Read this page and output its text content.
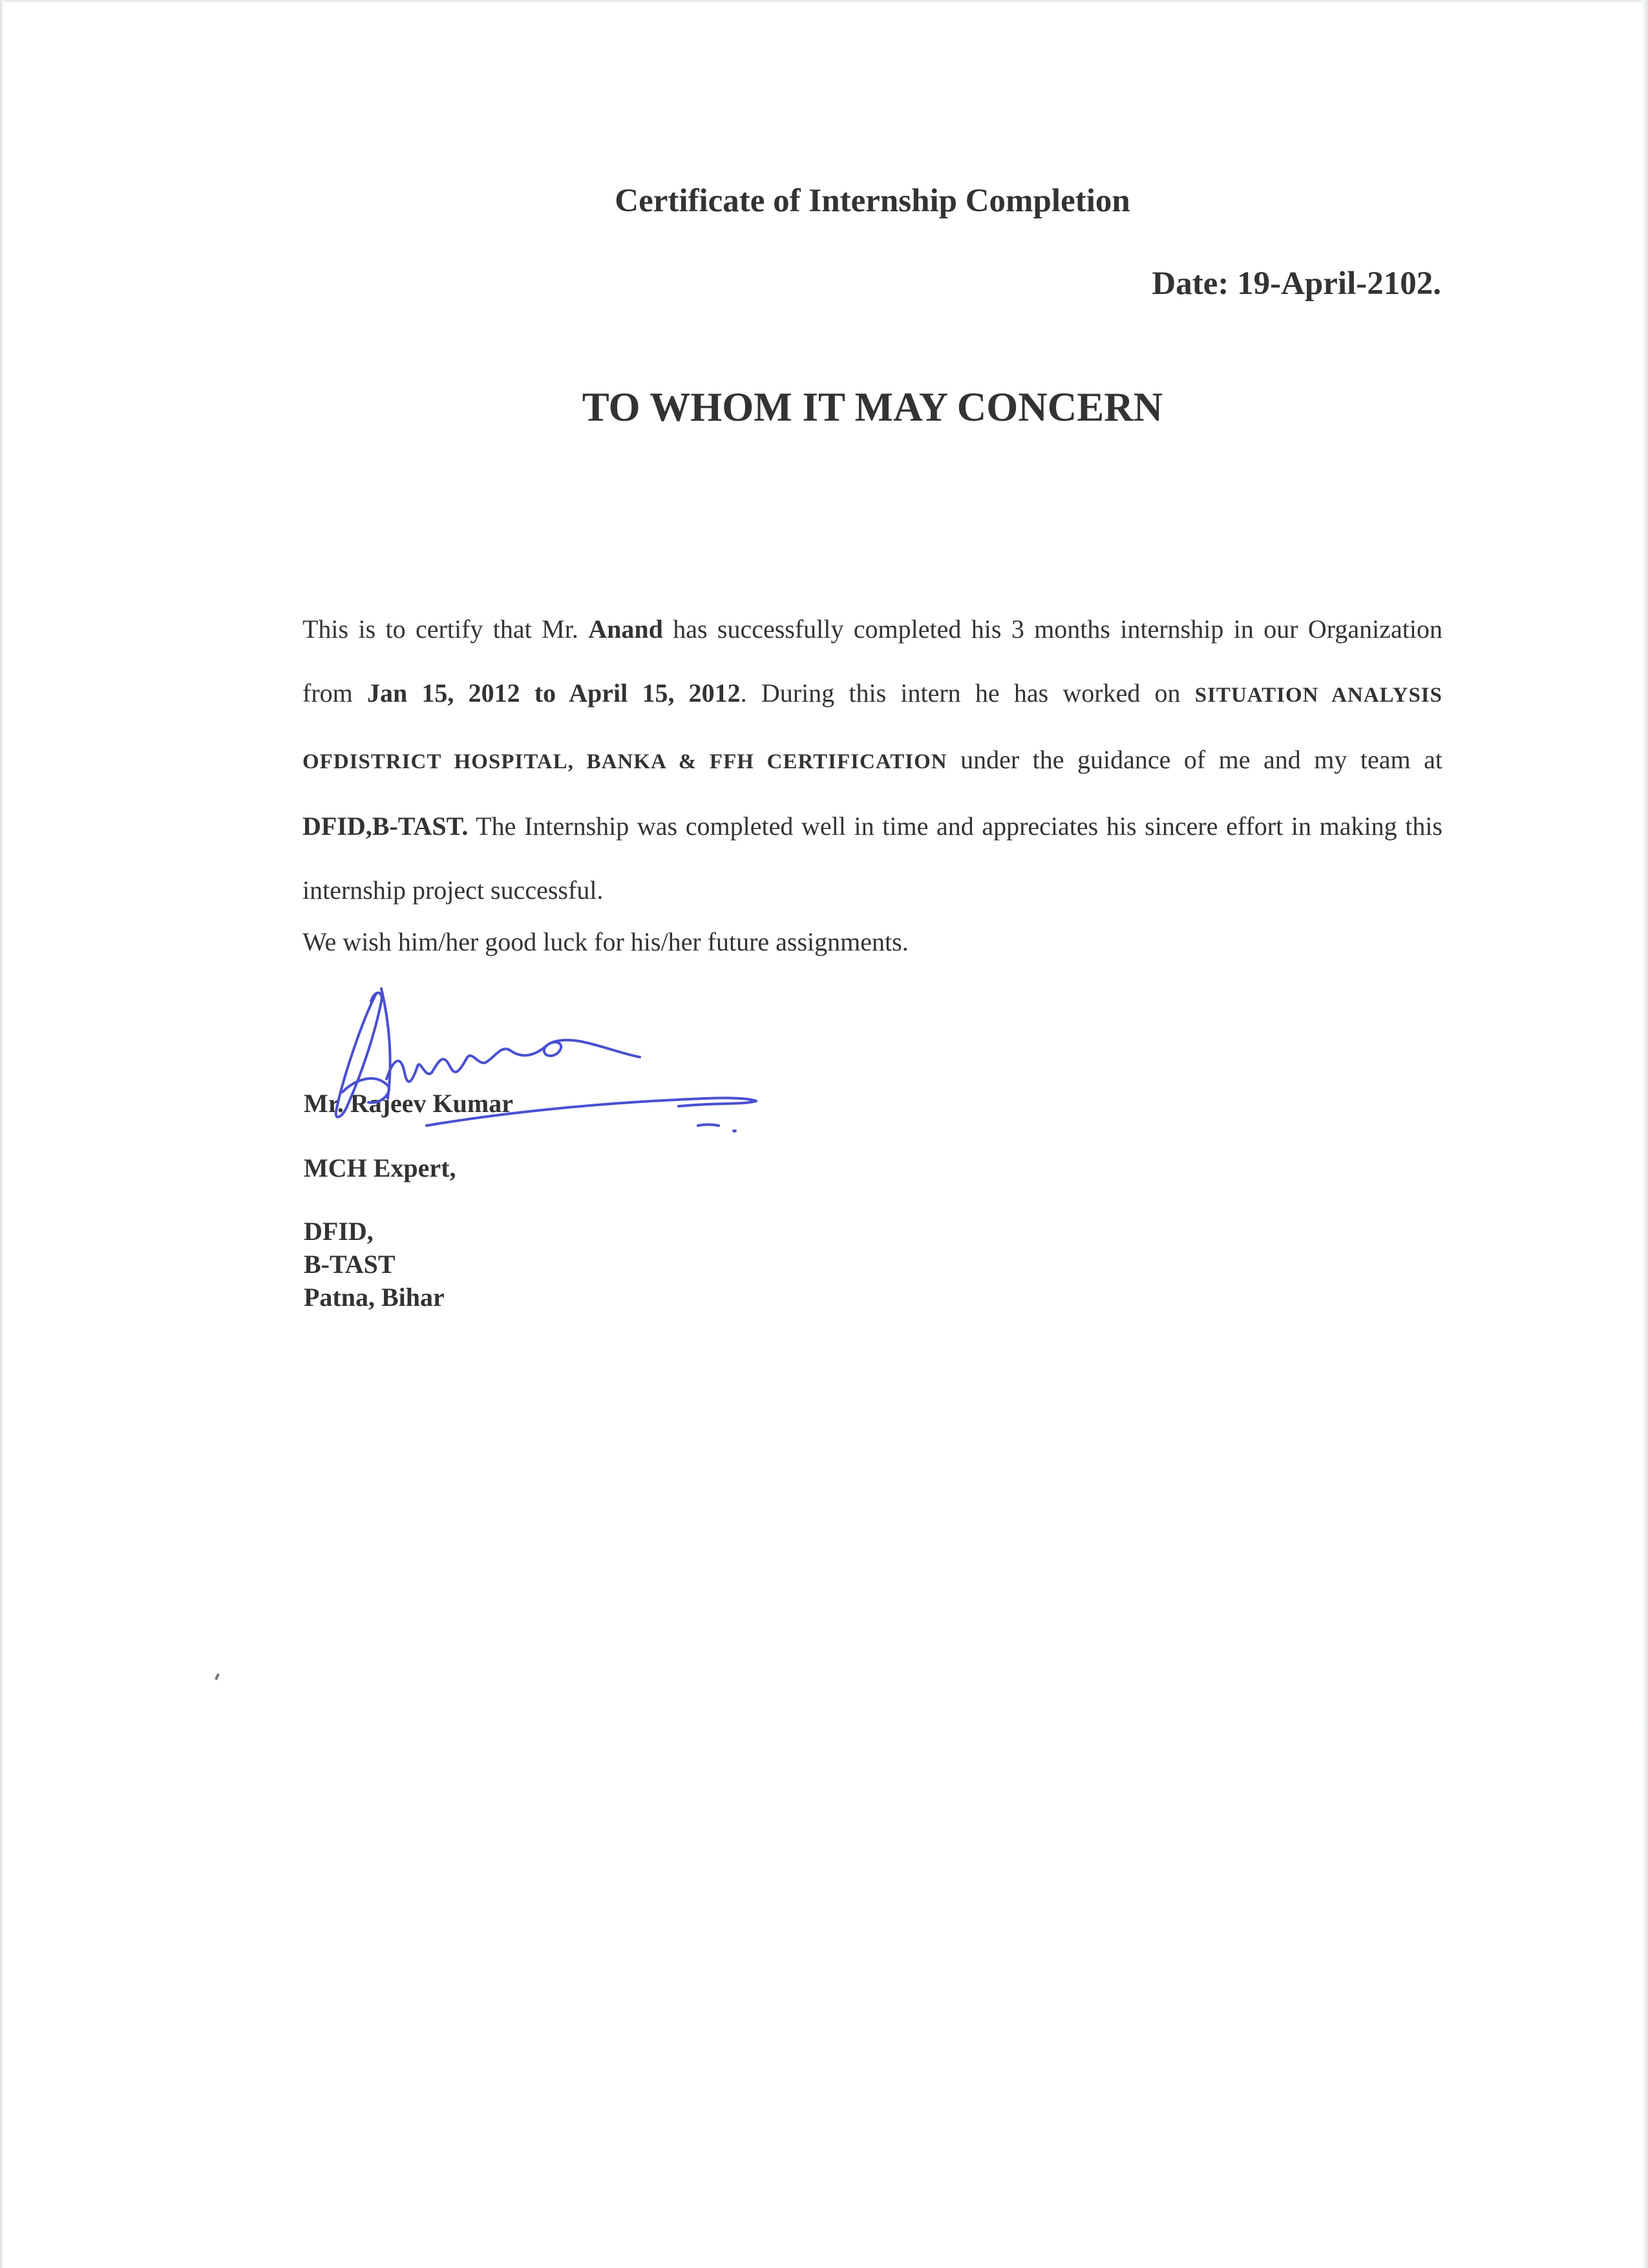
Certificate of Internship Completion
Date: 19-April-2102.
TO WHOM IT MAY CONCERN
This is to certify that Mr. Anand has successfully completed his 3 months internship in our Organization from Jan 15, 2012 to April 15, 2012. During this intern he has worked on SITUATION ANALYSIS OFDISTRICT HOSPITAL, BANKA & FFH CERTIFICATION under the guidance of me and my team at DFID,B-TAST. The Internship was completed well in time and appreciates his sincere effort in making this internship project successful.
We wish him/her good luck for his/her future assignments.
Mr. Rajeev Kumar
MCH Expert,
DFID,
B-TAST
Patna, Bihar
